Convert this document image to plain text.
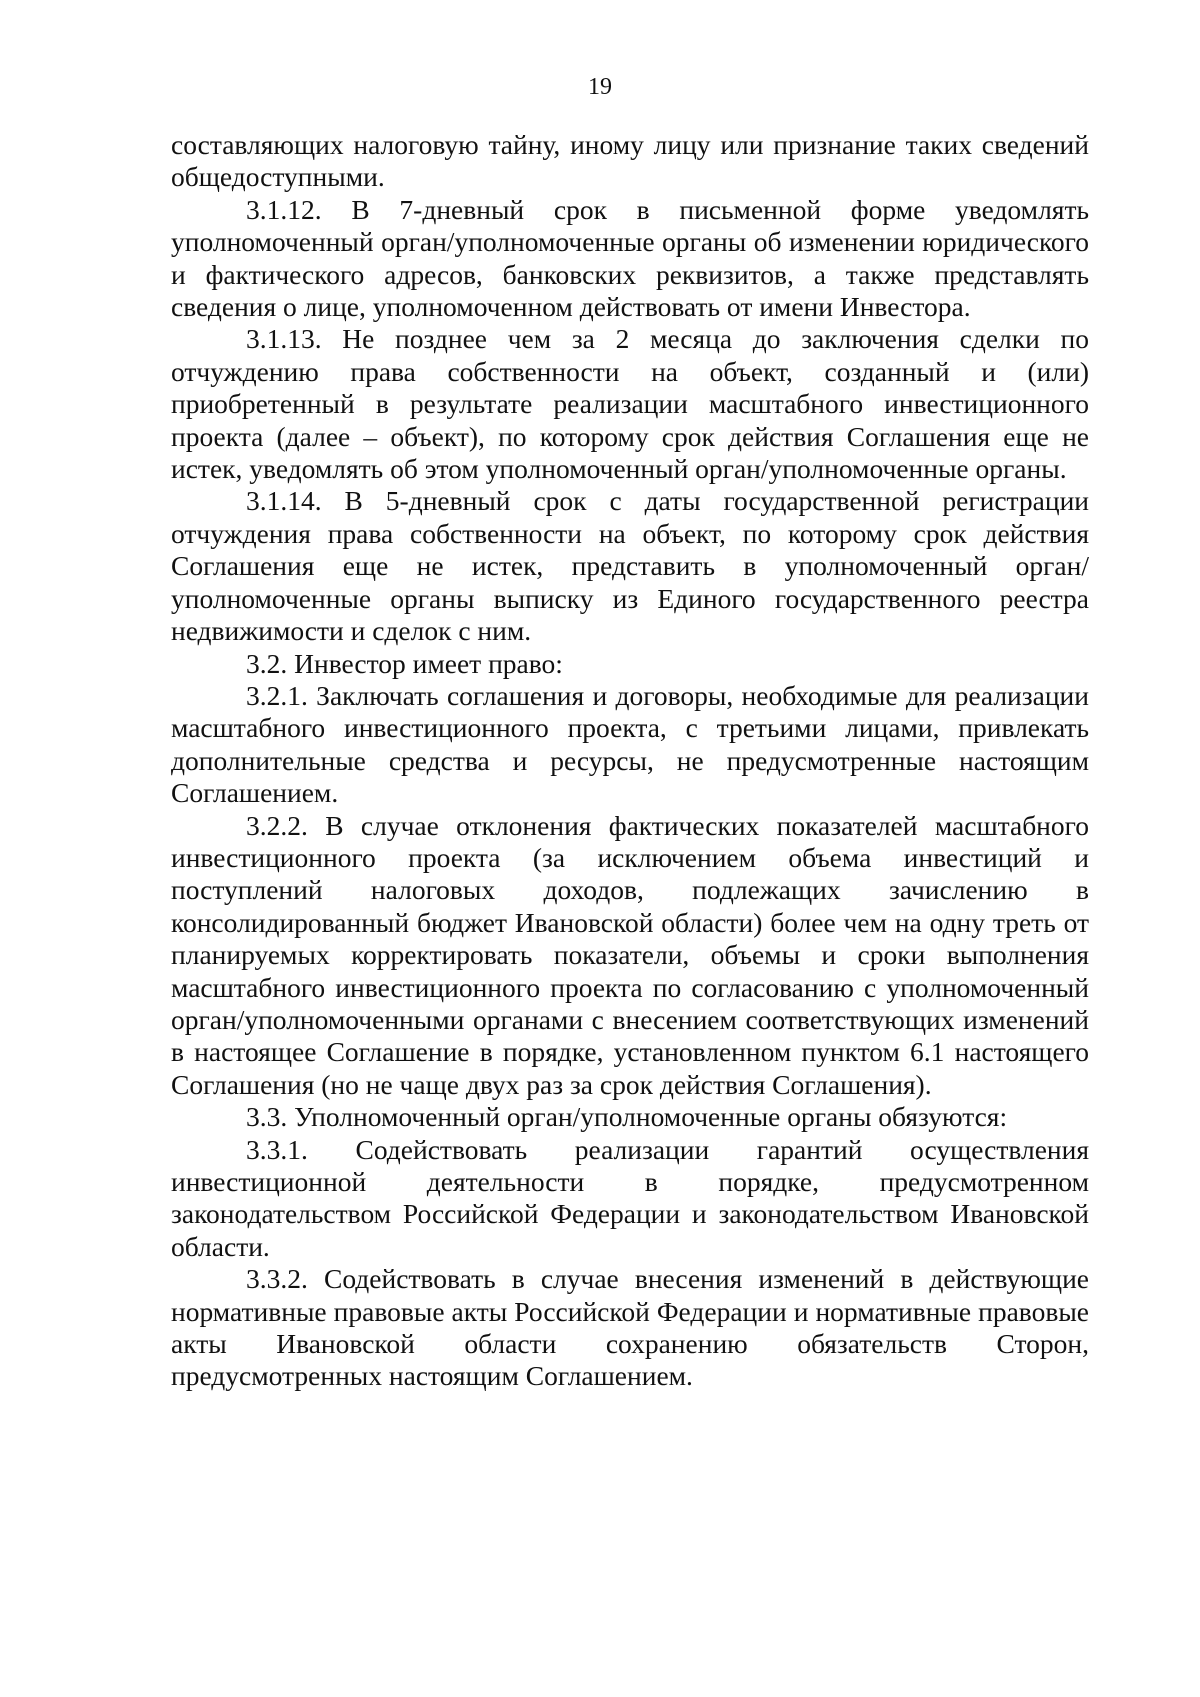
19

составляющих налоговую тайну, иному лицу или признание таких сведений общедоступными.

3.1.12. В 7-дневный срок в письменной форме уведомлять уполномоченный орган/уполномоченные органы об изменении юридического и фактического адресов, банковских реквизитов, а также представлять сведения о лице, уполномоченном действовать от имени Инвестора.

3.1.13. Не позднее чем за 2 месяца до заключения сделки по отчуждению права собственности на объект, созданный и (или) приобретенный в результате реализации масштабного инвестиционного проекта (далее – объект), по которому срок действия Соглашения еще не истек, уведомлять об этом уполномоченный орган/уполномоченные органы.

3.1.14. В 5-дневный срок с даты государственной регистрации отчуждения права собственности на объект, по которому срок действия Соглашения еще не истек, представить в уполномоченный орган/уполномоченные органы выписку из Единого государственного реестра недвижимости и сделок с ним.

3.2. Инвестор имеет право:

3.2.1. Заключать соглашения и договоры, необходимые для реализации масштабного инвестиционного проекта, с третьими лицами, привлекать дополнительные средства и ресурсы, не предусмотренные настоящим Соглашением.

3.2.2. В случае отклонения фактических показателей масштабного инвестиционного проекта (за исключением объема инвестиций и поступлений налоговых доходов, подлежащих зачислению в консолидированный бюджет Ивановской области) более чем на одну треть от планируемых корректировать показатели, объемы и сроки выполнения масштабного инвестиционного проекта по согласованию с уполномоченный орган/уполномоченными органами с внесением соответствующих изменений в настоящее Соглашение в порядке, установленном пунктом 6.1 настоящего Соглашения (но не чаще двух раз за срок действия Соглашения).

3.3. Уполномоченный орган/уполномоченные органы обязуются:

3.3.1. Содействовать реализации гарантий осуществления инвестиционной деятельности в порядке, предусмотренном законодательством Российской Федерации и законодательством Ивановской области.

3.3.2. Содействовать в случае внесения изменений в действующие нормативные правовые акты Российской Федерации и нормативные правовые акты Ивановской области сохранению обязательств Сторон, предусмотренных настоящим Соглашением.
